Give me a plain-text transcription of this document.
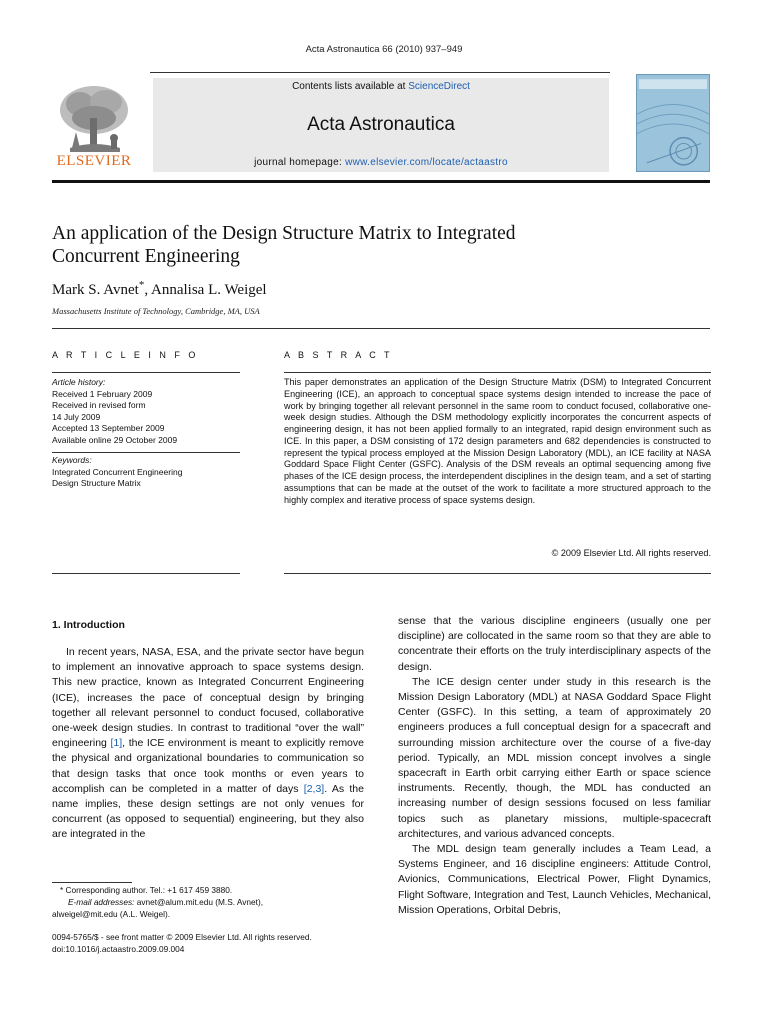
Acta Astronautica 66 (2010) 937–949
ELSEVIER
Contents lists available at ScienceDirect
Acta Astronautica
journal homepage: www.elsevier.com/locate/actaastro
An application of the Design Structure Matrix to Integrated
Concurrent Engineering
Mark S. Avnet*, Annalisa L. Weigel
Massachusetts Institute of Technology, Cambridge, MA, USA
A R T I C L E I N F O
Article history:
Received 1 February 2009
Received in revised form
14 July 2009
Accepted 13 September 2009
Available online 29 October 2009
Keywords:
Integrated Concurrent Engineering
Design Structure Matrix
A B S T R A C T
This paper demonstrates an application of the Design Structure Matrix (DSM) to Integrated Concurrent Engineering (ICE), an approach to conceptual space systems design intended to increase the pace of work by bringing together all relevant personnel in the same room to conduct focused, collaborative one-week design studies. Although the DSM methodology explicitly incorporates the concurrent aspects of engineering design, it has not been applied formally to an integrated, rapid design environment such as ICE. In this paper, a DSM consisting of 172 design parameters and 682 dependencies is constructed to represent the typical process employed at the Mission Design Laboratory (MDL), an ICE facility at NASA Goddard Space Flight Center (GSFC). Analysis of the DSM reveals an optimal sequencing among five phases of the ICE design process, the interdependent disciplines in the design team, and a set of starting assumptions that can be made at the outset of the work to facilitate a more structured approach to the highly complex and iterative process of space systems design.
© 2009 Elsevier Ltd. All rights reserved.
1. Introduction

In recent years, NASA, ESA, and the private sector have begun to implement an innovative approach to space systems design. This new practice, known as Integrated Concurrent Engineering (ICE), increases the pace of conceptual design by bringing together all relevant personnel to conduct focused, collaborative one-week design studies. In contrast to traditional “over the wall” engineering [1], the ICE environment is meant to explicitly remove the physical and organizational boundaries to communication so that design tasks that once took months or even years to accomplish can be completed in a matter of days [2,3]. As the name implies, these design settings are not only venues for concurrent (as opposed to sequential) engineering, but they also are integrated in the

sense that the various discipline engineers (usually one per discipline) are collocated in the same room so that they are able to concentrate their efforts on the truly interdisciplinary aspects of the design.

The ICE design center under study in this research is the Mission Design Laboratory (MDL) at NASA Goddard Space Flight Center (GSFC). In this setting, a team of approximately 20 engineers produces a full conceptual design for a spacecraft and surrounding mission architecture over the course of a five-day period. Typically, an MDL mission concept involves a single spacecraft in Earth orbit carrying either Earth or space science instruments. Recently, though, the MDL has conducted an increasing number of design sessions focused on less familiar topics such as planetary missions, multiple-spacecraft architectures, and various advanced concepts.

The MDL design team generally includes a Team Lead, a Systems Engineer, and 16 discipline engineers: Attitude Control, Avionics, Communications, Electrical Power, Flight Dynamics, Flight Software, Integration and Test, Launch Vehicles, Mechanical, Mission Operations, Orbital Debris,

* Corresponding author. Tel.: +1 617 459 3880.
E-mail addresses: avnet@alum.mit.edu (M.S. Avnet),
alweigel@mit.edu (A.L. Weigel).
0094-5765/$ - see front matter © 2009 Elsevier Ltd. All rights reserved.
doi:10.1016/j.actaastro.2009.09.004
